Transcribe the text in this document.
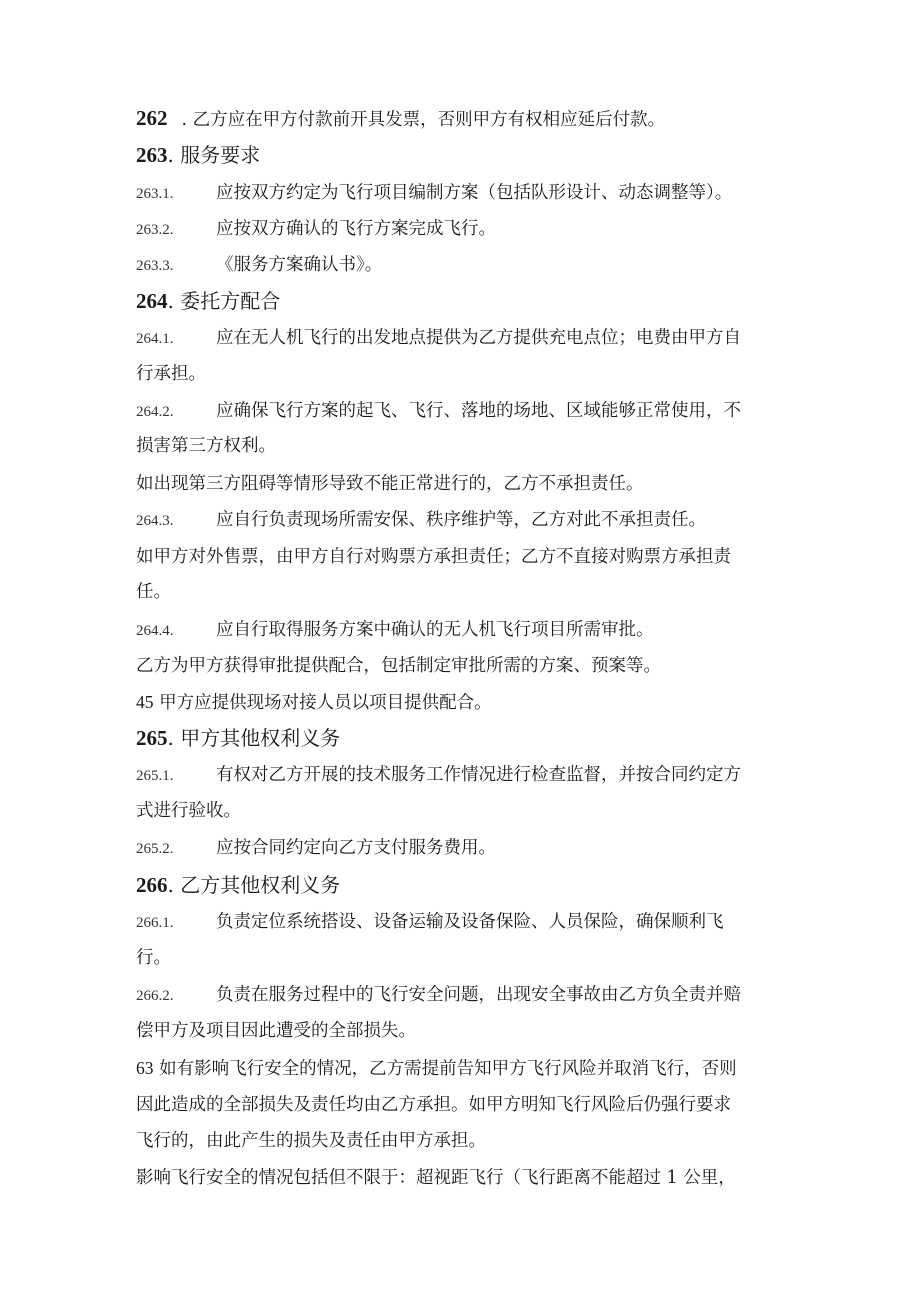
262 . 乙方应在甲方付款前开具发票，否则甲方有权相应延后付款。
263. 服务要求
263.1. 应按双方约定为飞行项目编制方案（包括队形设计、动态调整等）。
263.2. 应按双方确认的飞行方案完成飞行。
263.3. 《服务方案确认书》。
264. 委托方配合
264.1. 应在无人机飞行的出发地点提供为乙方提供充电点位；电费由甲方自
行承担。
264.2. 应确保飞行方案的起飞、飞行、落地的场地、区域能够正常使用，不
损害第三方权利。
如出现第三方阻碍等情形导致不能正常进行的，乙方不承担责任。
264.3. 应自行负责现场所需安保、秩序维护等，乙方对此不承担责任。
如甲方对外售票，由甲方自行对购票方承担责任；乙方不直接对购票方承担责
任。
264.4. 应自行取得服务方案中确认的无人机飞行项目所需审批。
乙方为甲方获得审批提供配合，包括制定审批所需的方案、预案等。
45 甲方应提供现场对接人员以项目提供配合。
265. 甲方其他权利义务
265.1. 有权对乙方开展的技术服务工作情况进行检查监督，并按合同约定方
式进行验收。
265.2. 应按合同约定向乙方支付服务费用。
266. 乙方其他权利义务
266.1. 负责定位系统搭设、设备运输及设备保险、人员保险，确保顺利飞
行。
266.2. 负责在服务过程中的飞行安全问题，出现安全事故由乙方负全责并赔
偿甲方及项目因此遭受的全部损失。
63 如有影响飞行安全的情况，乙方需提前告知甲方飞行风险并取消飞行，否则
因此造成的全部损失及责任均由乙方承担。如甲方明知飞行风险后仍强行要求
飞行的，由此产生的损失及责任由甲方承担。
影响飞行安全的情况包括但不限于：超视距飞行（飞行距离不能超过 1 公里，
